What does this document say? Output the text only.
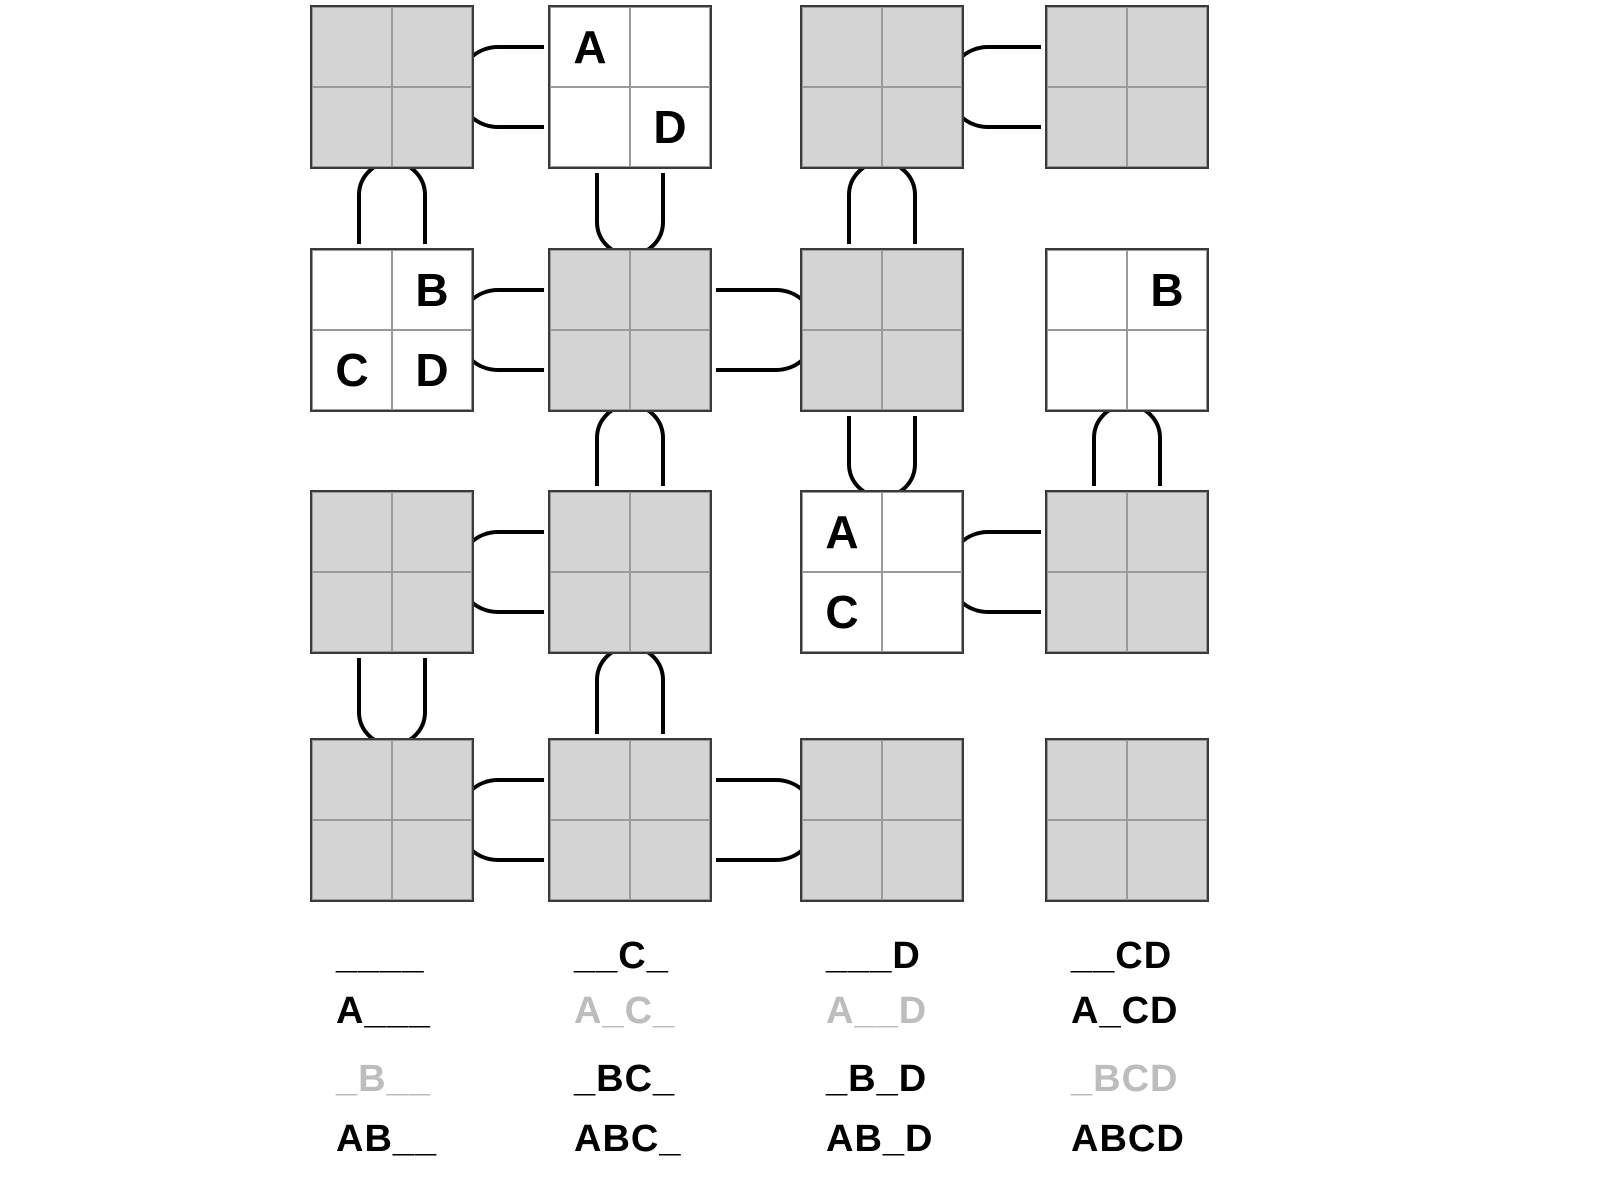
A
D
B
C	D
B
A
C
____
A___
_B__
AB__
__C_
A_C_
_BC_
ABC_
___D
A__D
_B_D
AB_D
__CD
A_CD
_BCD
ABCD
